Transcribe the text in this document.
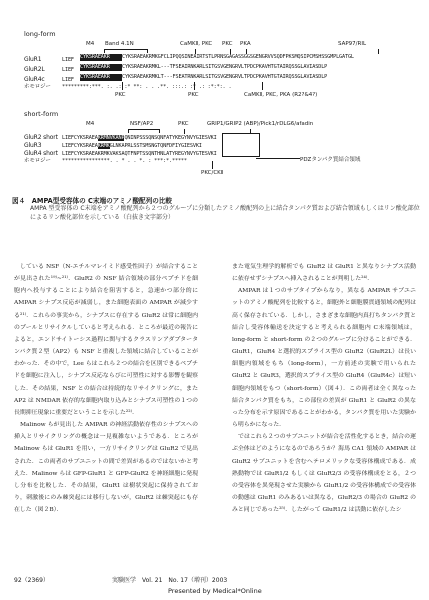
long-form
M4 Band 4.1N	CaMKⅡ, PKC PKC PKA	SAP97/RIL
GluR1	LIEF CYKSRAEAKR CYKSRAEAKRMKGFCLIPQQSINEAIRTSTLPRNSGAGASSGGSGENGRVVSQDFPKSMQSIPCMSHSSGMPLGATGL
GluR2L	LIEF CYKSRAEAKR CYKSRAEAKRMKL---TFSEAIRNKARLSITGSVGENGRVLTPDCPKAVHTGTAIRQSSGLAVIASDLP
GluR4c	LIEF CYKSRAEAKR CYKSRAEAKRMKLT---FSEATRNKARLSITGSVGENGRVLTPDCPKAVHTGTAIRQSSGLAVIASDLP
ホモロジー *********:***. :. .: :* **: . . .**. :::.: :* .: :*:*:. .
PKC	PKC	CaMKⅡ, PKC, PKA (R2?&4?)
short-form
M4	NSF/AP2	PKC	GRIP1/GRIP2 (ABP)/Pick1/rDLG6/afadin
GluR2 short LIEFCYKSRAEAKRMNVKANPQNINPSSSQNSQNFATYKEGYNVYGIESVKI
GluR3	LIEFCYKSRAEAKRMKGLNKAPRLSSTSMSNGTQNFDFIYGIESVKI
GluR4 short LIEFCYKSRAEAKRMKVAKSAQTFNPTSSQNTHNLATYREGYNVYGTESVKI
ホモロジー ****************. . * . . *. : ***:*.*****	PDZタンパク質結合領域
PKC/CKⅡ
図４　AMPA型受容体の C末端のアミノ酸配列の比較
AMPA 型受容体の C末端をアミノ酸配列から２つのグループに分類したアミノ酸配列の上に結合タンパク質および結合領域もしくはリン酸化部位によるリン酸化部位を示している（白抜き文字部分）

している NSF（N-エチルマレイミド感受性因子）が結合することが見出された¹⁹⁾~²¹⁾．GluR2 の NSF 結合領域の部分ペプチドを細胞内へ投与することにより結合を阻害すると，急速かつ部分的に AMPAR シナプス反応が減弱し，また細胞表面の AMPAR が減少する²¹⁾．これらの事実から，シナプスに存在する GluR2 は常に細胞内のプールとリサイクルしていると考えられる．ところが最近の報告によると，エンドサイトーシス過程に関与するクラスリンアダプタータンパク質２型（AP2）も NSF と重複した領域に結合していることがわかった．その中で，Lee らはこれら２つの結合を区別できるペプチドを細胞に注入し，シナプス反応ならびに可塑性に対する影響を観察した．その結果，NSF との結合は持続的なリサイクリングに，また AP2 は NMDAR 依存的な細胞内取り込みとシナプス可塑性の１つの長期抑圧現象に重要だということを示した²²⁾．

Malinow らが見出した AMPAR の神経活動依存性のシナプスへの挿入とリサイクリングの概念は一見複雑ないようである．ところが Malinow らは GluR1 を用い，一方リサイクリングは GluR2 で見出された．この両者のサブユニットの間で差異があるのではないかと考えた．Malinow らは GFP-GluR1 と GFP-GluR2 を神経細胞に発現し分布を比較した．その結果，GluR1 は樹状突起に保持されており，刺激後にのみ棘突起には移行しないが，GluR2 は棘突起にも存在した（図２B）．

また電気生理学的解析でも GluR2 は GluR1 と異なりシナプス活動に依存せずシナプスへ挿入されることが判明した²⁴⁾．

AMPAR は１つのサブタイプからなり，異なる AMPAR サブユニットのアミノ酸配列を比較すると，細胞外と細胞膜貫通領域の配列は高く保存されている．しかし，さまざまな細胞内真打ちタンパク質と結合し受容体輸送を決定すると考えられる細胞内 C末端領域は，long-form と short-form の２つのグループに分けることができる．GluR1，GluR4 と選択的スプライス型の GluR2（GluR2L）は長い細胞内領域をもち（long-form），一方前述の実験で用いられた GluR2 と GluR3，選択的スプライス型の GluR4（GluR4c）は短い細胞内領域をもつ（short-form）（図４）．この両者は全く異なった結合タンパク質をもち，この部位の差異が GluR1 と GluR2 の異なった分布を示す原因であることがわかる，タンパク質を用いた実験から明らかになった．

ではこれら２つのサブユニットが結合を活性化するとき，結合の運ぶ全体はどのようになるのであろうか？海馬 CA1 領域の AMPAR は GluR2 サブユニットを含むヘテロメリックな受容体構成である．成熟動物では GluR1/2 もしくは GluR2/3 の受容体構成をとる，２つの受容体を異発現させた実験から GluR1/2 の受容体構成での受容体の動態は GluR1 のみあるいは異なる，GluR2/3 の場合の GluR2 のみと同じであった²⁵⁾．したがって GluR1/2 は活動に依存したシ

92（2369）	実験医学　Vol. 21　No. 17（増刊）2003
Presented by Medical*Online
